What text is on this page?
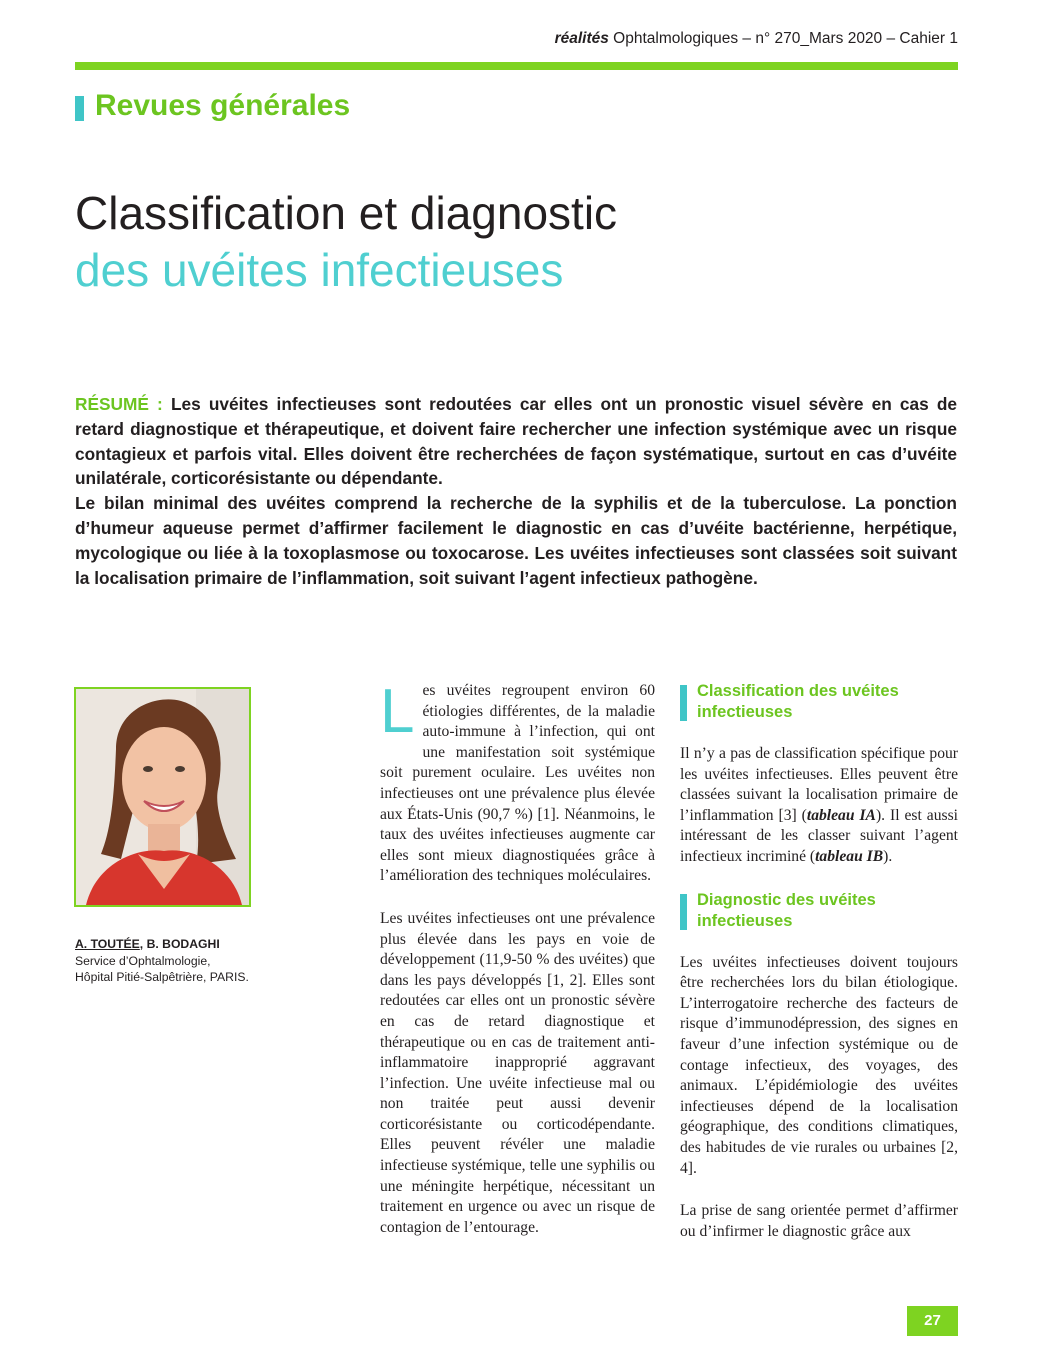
réalités Ophtalmologiques – n° 270_Mars 2020 – Cahier 1
Revues générales
Classification et diagnostic
des uvéites infectieuses

RÉSUMÉ : Les uvéites infectieuses sont redoutées car elles ont un pronostic visuel sévère en cas de retard diagnostique et thérapeutique, et doivent faire rechercher une infection systémique avec un risque contagieux et parfois vital. Elles doivent être recherchées de façon systématique, surtout en cas d’uvéite unilatérale, corticorésistante ou dépendante.

Le bilan minimal des uvéites comprend la recherche de la syphilis et de la tuberculose. La ponction d’humeur aqueuse permet d’affirmer facilement le diagnostic en cas d’uvéite bactérienne, herpétique, mycologique ou liée à la toxoplasmose ou toxocarose. Les uvéites infectieuses sont classées soit suivant la localisation primaire de l’inflammation, soit suivant l’agent infectieux pathogène.

A. TOUTÉE, B. BODAGHI
Service d’Ophtalmologie,
Hôpital Pitié-Salpêtrière, PARIS.

Les uvéites regroupent environ 60 étiologies différentes, de la maladie auto-immune à l’infection, qui ont une manifestation soit systémique soit purement oculaire. Les uvéites non infectieuses ont une prévalence plus élevée aux États-Unis (90,7 %) [1]. Néanmoins, le taux des uvéites infectieuses augmente car elles sont mieux diagnostiquées grâce à l’amélioration des techniques moléculaires.

Les uvéites infectieuses ont une prévalence plus élevée dans les pays en voie de développement (11,9-50 % des uvéites) que dans les pays développés [1, 2]. Elles sont redoutées car elles ont un pronostic sévère en cas de retard diagnostique et thérapeutique ou en cas de traitement anti-inflammatoire inapproprié aggravant l’infection. Une uvéite infectieuse mal ou non traitée peut aussi devenir corticorésistante ou corticodépendante. Elles peuvent révéler une maladie infectieuse systémique, telle une syphilis ou une méningite herpétique, nécessitant un traitement en urgence ou avec un risque de contagion de l’entourage.

Classification des uvéites infectieuses

Il n’y a pas de classification spécifique pour les uvéites infectieuses. Elles peuvent être classées suivant la localisation primaire de l’inflammation [3] (tableau IA). Il est aussi intéressant de les classer suivant l’agent infectieux incriminé (tableau IB).

Diagnostic des uvéites infectieuses

Les uvéites infectieuses doivent toujours être recherchées lors du bilan étiologique. L’interrogatoire recherche des facteurs de risque d’immunodépression, des signes en faveur d’une infection systémique ou de contage infectieux, des voyages, des animaux. L’épidémiologie des uvéites infectieuses dépend de la localisation géographique, des conditions climatiques, des habitudes de vie rurales ou urbaines [2, 4].

La prise de sang orientée permet d’affirmer ou d’infirmer le diagnostic grâce aux

27
